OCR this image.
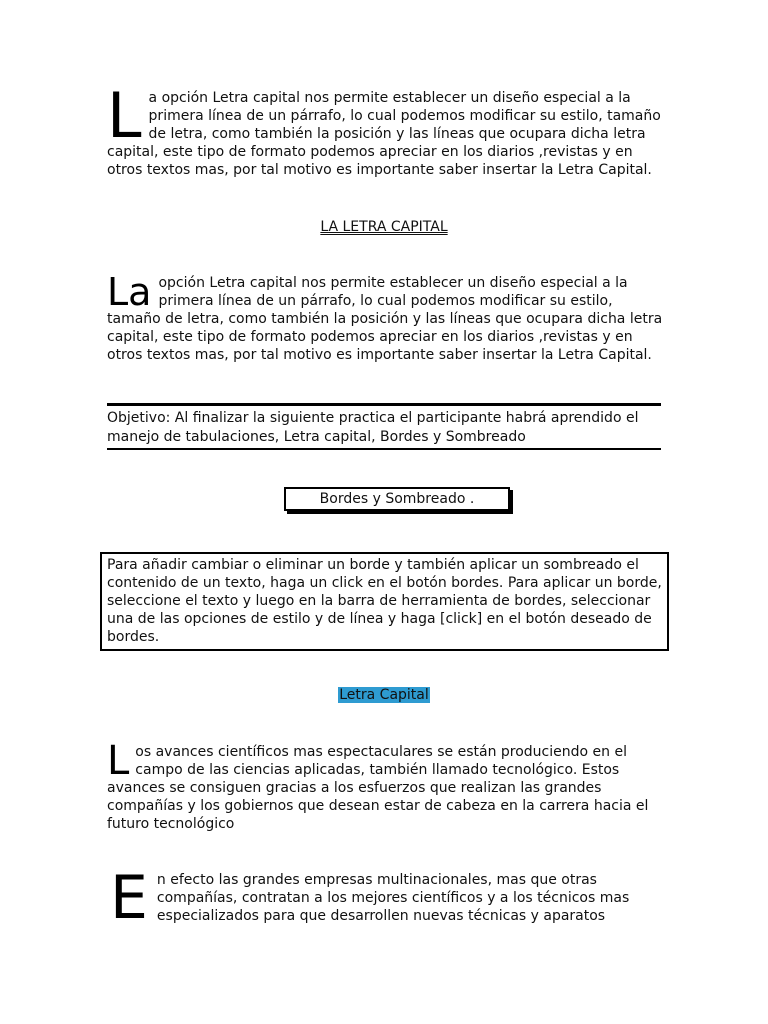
L a opción Letra capital nos permite establecer un diseño especial a la primera línea de un párrafo, lo cual podemos modificar su estilo, tamaño de letra, como también la posición y las líneas que ocupara dicha letra capital, este tipo de formato podemos apreciar en los diarios ,revistas y en otros textos mas, por tal motivo es importante saber insertar la Letra Capital.
LA LETRA CAPITAL
La opción Letra capital nos permite establecer un diseño especial a la primera línea de un párrafo, lo cual podemos modificar su estilo, tamaño de letra, como también la posición y las líneas que ocupara dicha letra capital, este tipo de formato podemos apreciar en los diarios ,revistas y en otros textos mas, por tal motivo es importante saber insertar la Letra Capital.
Objetivo: Al finalizar la siguiente practica el participante habrá aprendido el manejo de tabulaciones, Letra capital, Bordes y Sombreado
Bordes y Sombreado .
Para añadir cambiar o eliminar un borde y también aplicar un sombreado el contenido de un texto, haga un click en el botón bordes. Para aplicar un borde, seleccione el texto y luego en la barra de herramienta de bordes, seleccionar una de las opciones de estilo y de línea y haga [click] en el botón deseado de bordes.
Letra Capital
L os avances científicos mas espectaculares se están produciendo en el campo de las ciencias aplicadas, también llamado tecnológico. Estos avances se consiguen gracias a los esfuerzos que realizan las grandes compañías y los gobiernos que desean estar de cabeza en la carrera hacia el futuro tecnológico
E n efecto las grandes empresas multinacionales, mas que otras compañías, contratan a los mejores científicos y a los técnicos mas especializados para que desarrollen nuevas técnicas y aparatos
